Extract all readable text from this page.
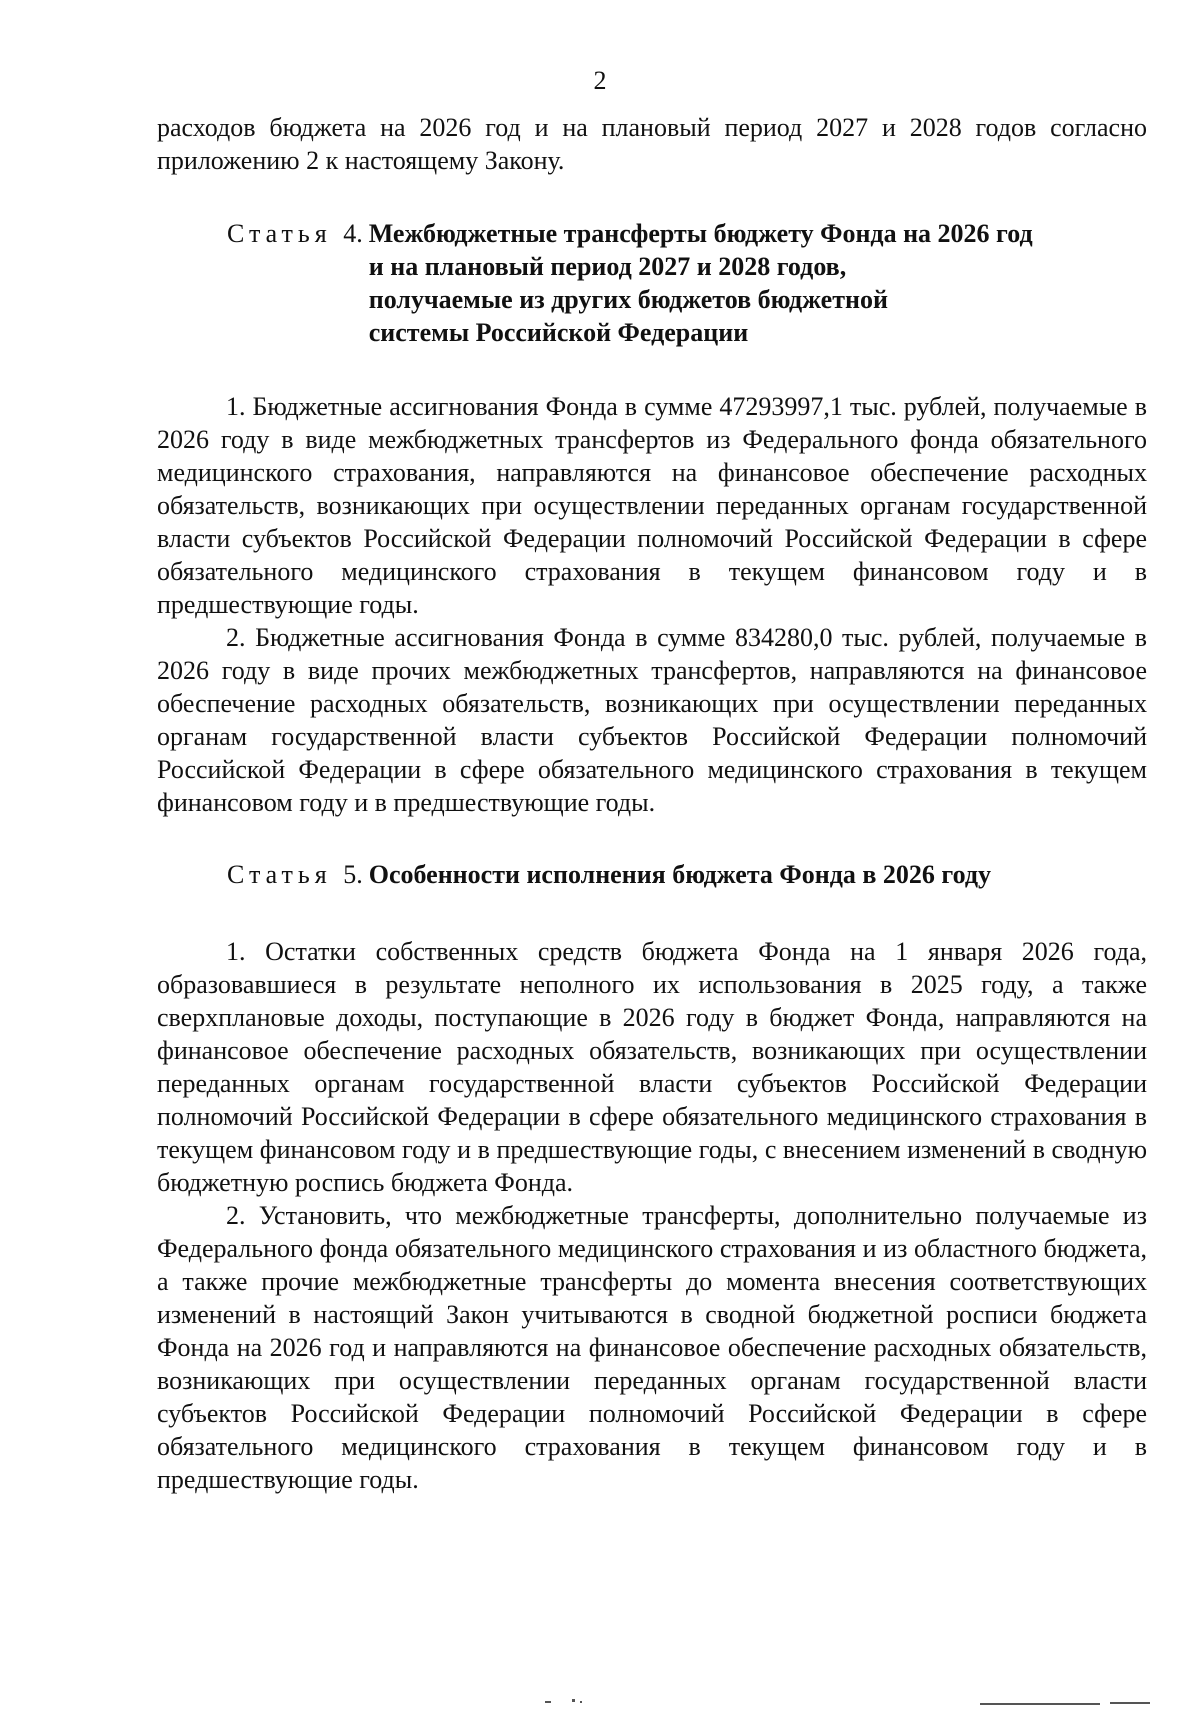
2

расходов бюджета на 2026 год и на плановый период 2027 и 2028 годов согласно приложению 2 к настоящему Закону.

Статья 4. Межбюджетные трансферты бюджету Фонда на 2026 год
и на плановый период 2027 и 2028 годов,
получаемые из других бюджетов бюджетной
системы Российской Федерации

1. Бюджетные ассигнования Фонда в сумме 47293997,1 тыс. рублей, получаемые в 2026 году в виде межбюджетных трансфертов из Федерального фонда обязательного медицинского страхования, направляются на финансовое обеспечение расходных обязательств, возникающих при осуществлении переданных органам государственной власти субъектов Российской Федерации полномочий Российской Федерации в сфере обязательного медицинского страхования в текущем финансовом году и в предшествующие годы.

2. Бюджетные ассигнования Фонда в сумме 834280,0 тыс. рублей, получаемые в 2026 году в виде прочих межбюджетных трансфертов, направляются на финансовое обеспечение расходных обязательств, возникающих при осуществлении переданных органам государственной власти субъектов Российской Федерации полномочий Российской Федерации в сфере обязательного медицинского страхования в текущем финансовом году и в предшествующие годы.

Статья 5. Особенности исполнения бюджета Фонда в 2026 году

1. Остатки собственных средств бюджета Фонда на 1 января 2026 года, образовавшиеся в результате неполного их использования в 2025 году, а также сверхплановые доходы, поступающие в 2026 году в бюджет Фонда, направляются на финансовое обеспечение расходных обязательств, возникающих при осуществлении переданных органам государственной власти субъектов Российской Федерации полномочий Российской Федерации в сфере обязательного медицинского страхования в текущем финансовом году и в предшествующие годы, с внесением изменений в сводную бюджетную роспись бюджета Фонда.

2. Установить, что межбюджетные трансферты, дополнительно получаемые из Федерального фонда обязательного медицинского страхования и из областного бюджета, а также прочие межбюджетные трансферты до момента внесения соответствующих изменений в настоящий Закон учитываются в сводной бюджетной росписи бюджета Фонда на 2026 год и направляются на финансовое обеспечение расходных обязательств, возникающих при осуществлении переданных органам государственной власти субъектов Российской Федерации полномочий Российской Федерации в сфере обязательного медицинского страхования в текущем финансовом году и в предшествующие годы.
